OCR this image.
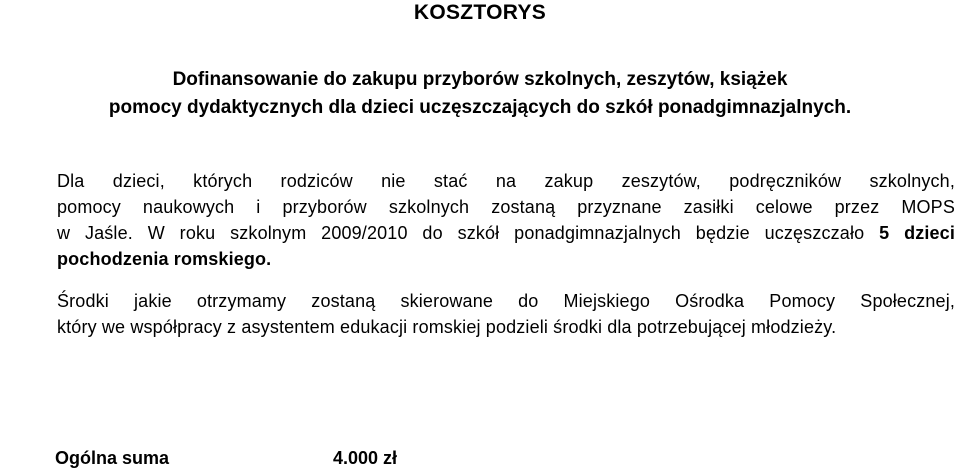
KOSZTORYS
Dofinansowanie do zakupu przyborów szkolnych, zeszytów, książek
pomocy dydaktycznych dla dzieci uczęszczających do szkół ponadgimnazjalnych.
Dla dzieci, których rodziców nie stać na zakup zeszytów, podręczników szkolnych,
pomocy naukowych i przyborów szkolnych zostaną przyznane zasiłki celowe przez MOPS
w Jaśle. W roku szkolnym 2009/2010 do szkół ponadgimnazjalnych będzie uczęszczało 5 dzieci
pochodzenia romskiego.
Środki jakie otrzymamy zostaną skierowane do Miejskiego Ośrodka Pomocy Społecznej,
który we współpracy z asystentem edukacji romskiej podzieli środki dla potrzebującej młodzieży.
Ogólna suma	4.000 zł
